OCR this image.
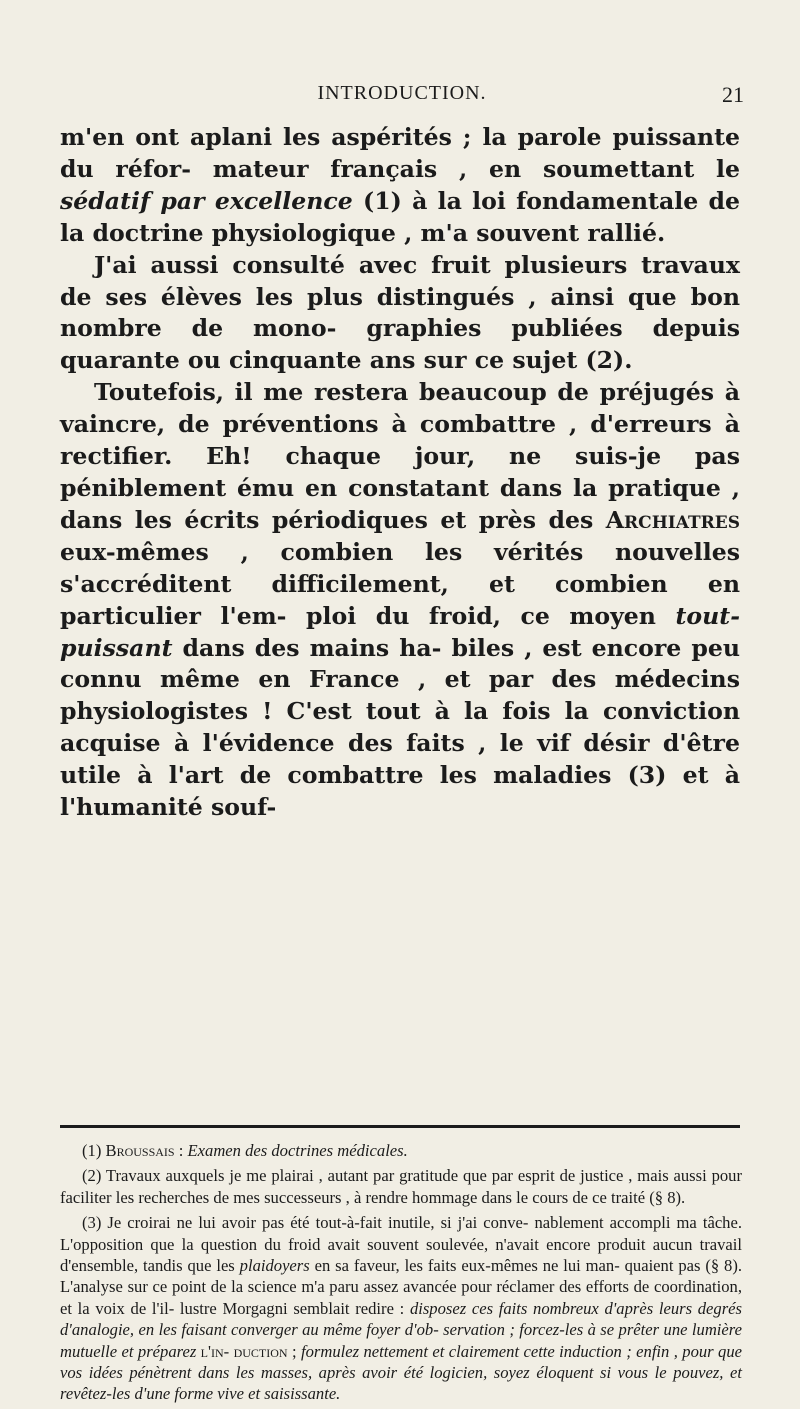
INTRODUCTION.	21

m'en ont aplani les aspérités ; la parole puissante du réfor- mateur français , en soumettant le sédatif par excellence (1) à la loi fondamentale de la doctrine physiologique , m'a souvent rallié.

J'ai aussi consulté avec fruit plusieurs travaux de ses élèves les plus distingués , ainsi que bon nombre de mono- graphies publiées depuis quarante ou cinquante ans sur ce sujet (2).

Toutefois, il me restera beaucoup de préjugés à vaincre, de préventions à combattre , d'erreurs à rectifier. Eh! chaque jour, ne suis-je pas péniblement ému en constatant dans la pratique , dans les écrits périodiques et près des Archiatres eux-mêmes , combien les vérités nouvelles s'accréditent difficilement, et combien en particulier l'em- ploi du froid, ce moyen tout-puissant dans des mains ha- biles , est encore peu connu même en France , et par des médecins physiologistes ! C'est tout à la fois la conviction acquise à l'évidence des faits , le vif désir d'être utile à l'art de combattre les maladies (3) et à l'humanité souf-

(1) Broussais : Examen des doctrines médicales.

(2) Travaux auxquels je me plairai , autant par gratitude que par esprit de justice , mais aussi pour faciliter les recherches de mes successeurs , à rendre hommage dans le cours de ce traité (§ 8).

(3) Je croirai ne lui avoir pas été tout-à-fait inutile, si j'ai conve- nablement accompli ma tâche. L'opposition que la question du froid avait souvent soulevée, n'avait encore produit aucun travail d'ensemble, tandis que les plaidoyers en sa faveur, les faits eux-mêmes ne lui man- quaient pas (§ 8). L'analyse sur ce point de la science m'a paru assez avancée pour réclamer des efforts de coordination, et la voix de l'il- lustre Morgagni semblait redire : disposez ces faits nombreux d'après leurs degrés d'analogie, en les faisant converger au même foyer d'ob- servation ; forcez-les à se prêter une lumière mutuelle et préparez l'in- duction ; formulez nettement et clairement cette induction ; enfin , pour que vos idées pénètrent dans les masses, après avoir été logicien, soyez éloquent si vous le pouvez, et revêtez-les d'une forme vive et saisissante.
